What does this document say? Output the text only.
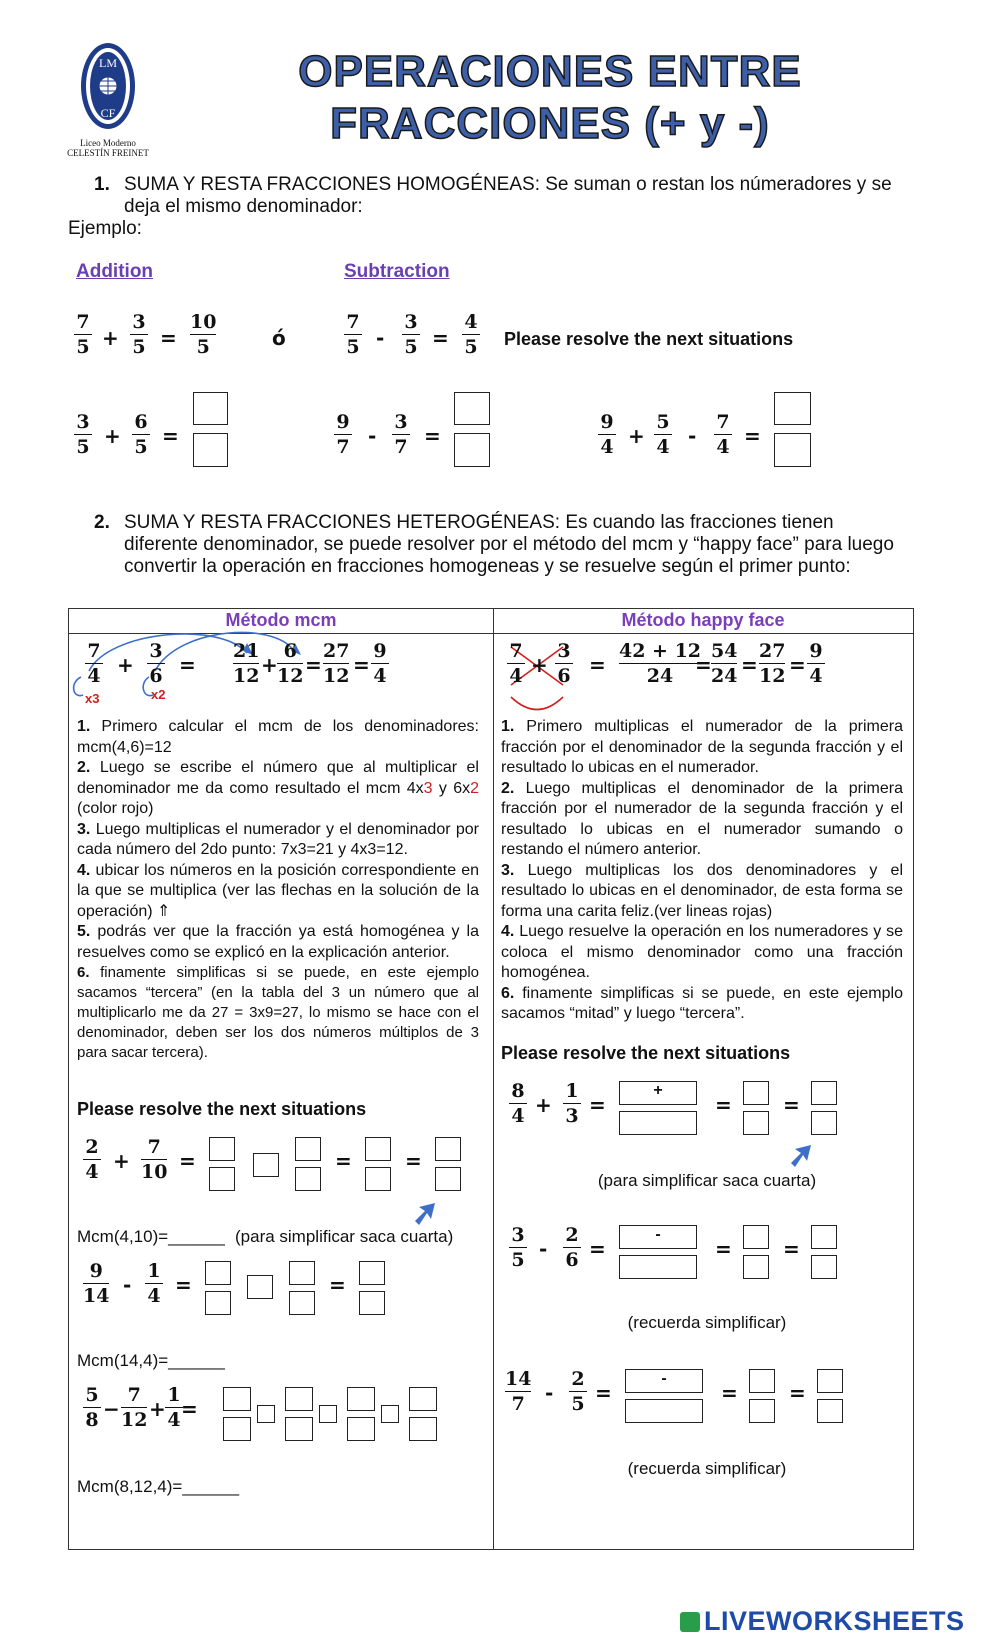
LM
CF
Liceo Moderno
CELESTÍN FREINET
OPERACIONES ENTRE
FRACCIONES (+ y -)
1. SUMA Y RESTA FRACCIONES HOMOGÉNEAS: Se suman o restan los númeradores y se
deja el mismo denominador:
Ejemplo:
Addition	Subtraction
7
5 +
3
5 =
10
5	ó
7
5 -
3
5 =
4
5 Please resolve the next situations
3
5 +
6
5 =
9
7 -
3
7 =
9
4 +
5
4 -
7
4 =
2. SUMA Y RESTA FRACCIONES HETEROGÉNEAS: Es cuando las fracciones tienen
diferente denominador, se puede resolver por el método del mcm y “happy face” para luego
convertir la operación en fracciones homogeneas y se resuelve según el primer punto:
Método mcm	Método happy face
7
4 +
3
6 =
21
12 +
6
12 =
27
12 =
9
4
x3	x2
1. Primero calcular el mcm de los denominadores: mcm(4,6)=12
2. Luego se escribe el número que al multiplicar el denominador me da como resultado el mcm 4x3 y 6x2 (color rojo)
3. Luego multiplicas el numerador y el denominador por cada número del 2do punto: 7x3=21 y 4x3=12.
4. ubicar los números en la posición correspondiente en la que se multiplica (ver las flechas en la solución de la operación) ⇑
5. podrás ver que la fracción ya está homogénea y la resuelves como se explicó en la explicación anterior.
6. finamente simplificas si se puede, en este ejemplo sacamos “tercera” (en la tabla del 3 un número que al multiplicarlo me da 27 = 3x9=27, lo mismo se hace con el denominador, deben ser los dos números múltiplos de 3 para sacar tercera).
Please resolve the next situations
2
4 +
7
10 =	=	=
Mcm(4,10)=______ (para simplificar saca cuarta)
9
14 -
1
4 =	=
Mcm(14,4)=______
5
8 −
7
12 +
1
4 =
Mcm(8,12,4)=______
7
4 +
3
6 =
42 + 12
24 =
54
24 =
27
12 =
9
4
1. Primero multiplicas el numerador de la primera fracción por el denominador de la segunda fracción y el resultado lo ubicas en el numerador.
2. Luego multiplicas el denominador de la primera fracción por el numerador de la segunda fracción y el resultado lo ubicas en el numerador sumando o restando el número anterior.
3. Luego multiplicas los dos denominadores y el resultado lo ubicas en el denominador, de esta forma se forma una carita feliz.(ver lineas rojas)
4. Luego resuelve la operación en los numeradores y se coloca el mismo denominador como una fracción homogénea.
6. finamente simplificas si se puede, en este ejemplo sacamos “mitad” y luego “tercera”.
Please resolve the next situations
8
4 +
1
3 =
+
=	=
(para simplificar saca cuarta)
3
5 -
2
6 =
-
=	=
(recuerda simplificar)
14
7 -
2
5 =
-
=	=
(recuerda simplificar)
LIVEWORKSHEETS
